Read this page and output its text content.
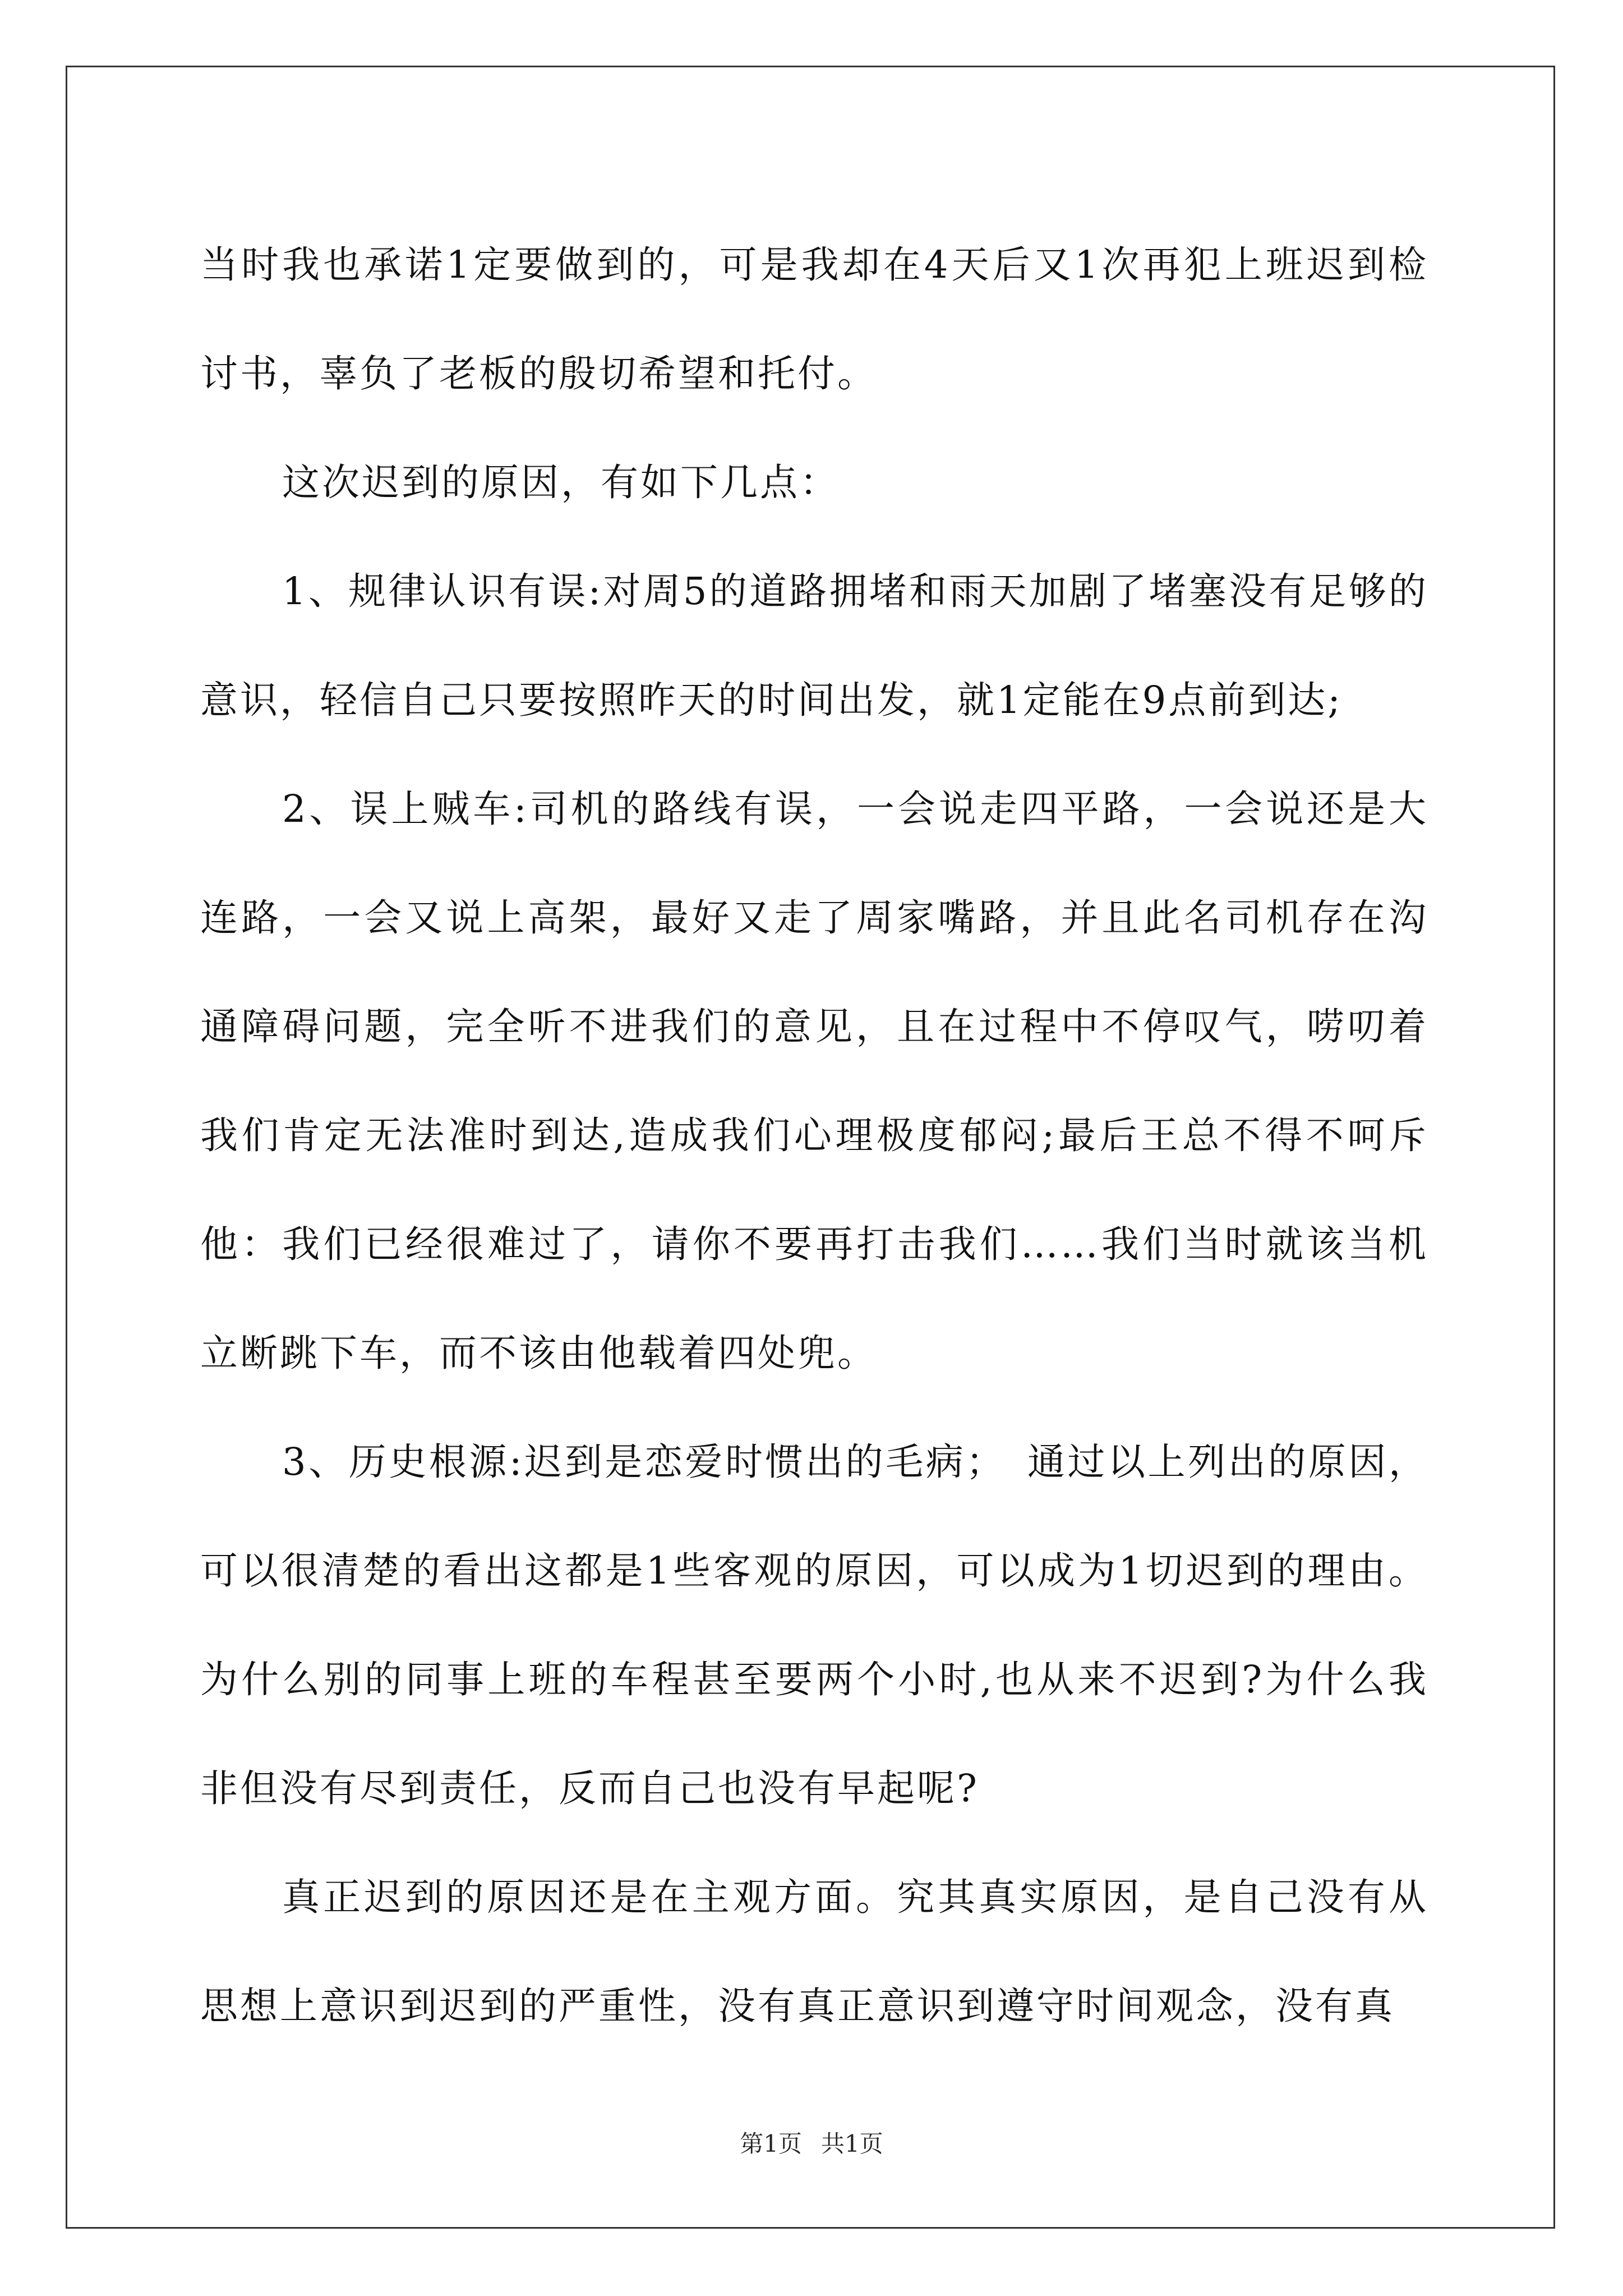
当时我也承诺1定要做到的，可是我却在4天后又1次再犯上班迟到检讨书，辜负了老板的殷切希望和托付。

这次迟到的原因，有如下几点：

1、规律认识有误:对周5的道路拥堵和雨天加剧了堵塞没有足够的意识，轻信自己只要按照昨天的时间出发，就1定能在9点前到达;

2、误上贼车:司机的路线有误，一会说走四平路，一会说还是大连路，一会又说上高架，最好又走了周家嘴路，并且此名司机存在沟通障碍问题，完全听不进我们的意见，且在过程中不停叹气，唠叨着我们肯定无法准时到达,造成我们心理极度郁闷;最后王总不得不呵斥他：我们已经很难过了，请你不要再打击我们……我们当时就该当机立断跳下车，而不该由他载着四处兜。

3、历史根源:迟到是恋爱时惯出的毛病；　通过以上列出的原因，可以很清楚的看出这都是1些客观的原因，可以成为1切迟到的理由。为什么别的同事上班的车程甚至要两个小时,也从来不迟到?为什么我非但没有尽到责任，反而自己也没有早起呢?

真正迟到的原因还是在主观方面。究其真实原因，是自己没有从思想上意识到迟到的严重性，没有真正意识到遵守时间观念，没有真

第1页 共1页
